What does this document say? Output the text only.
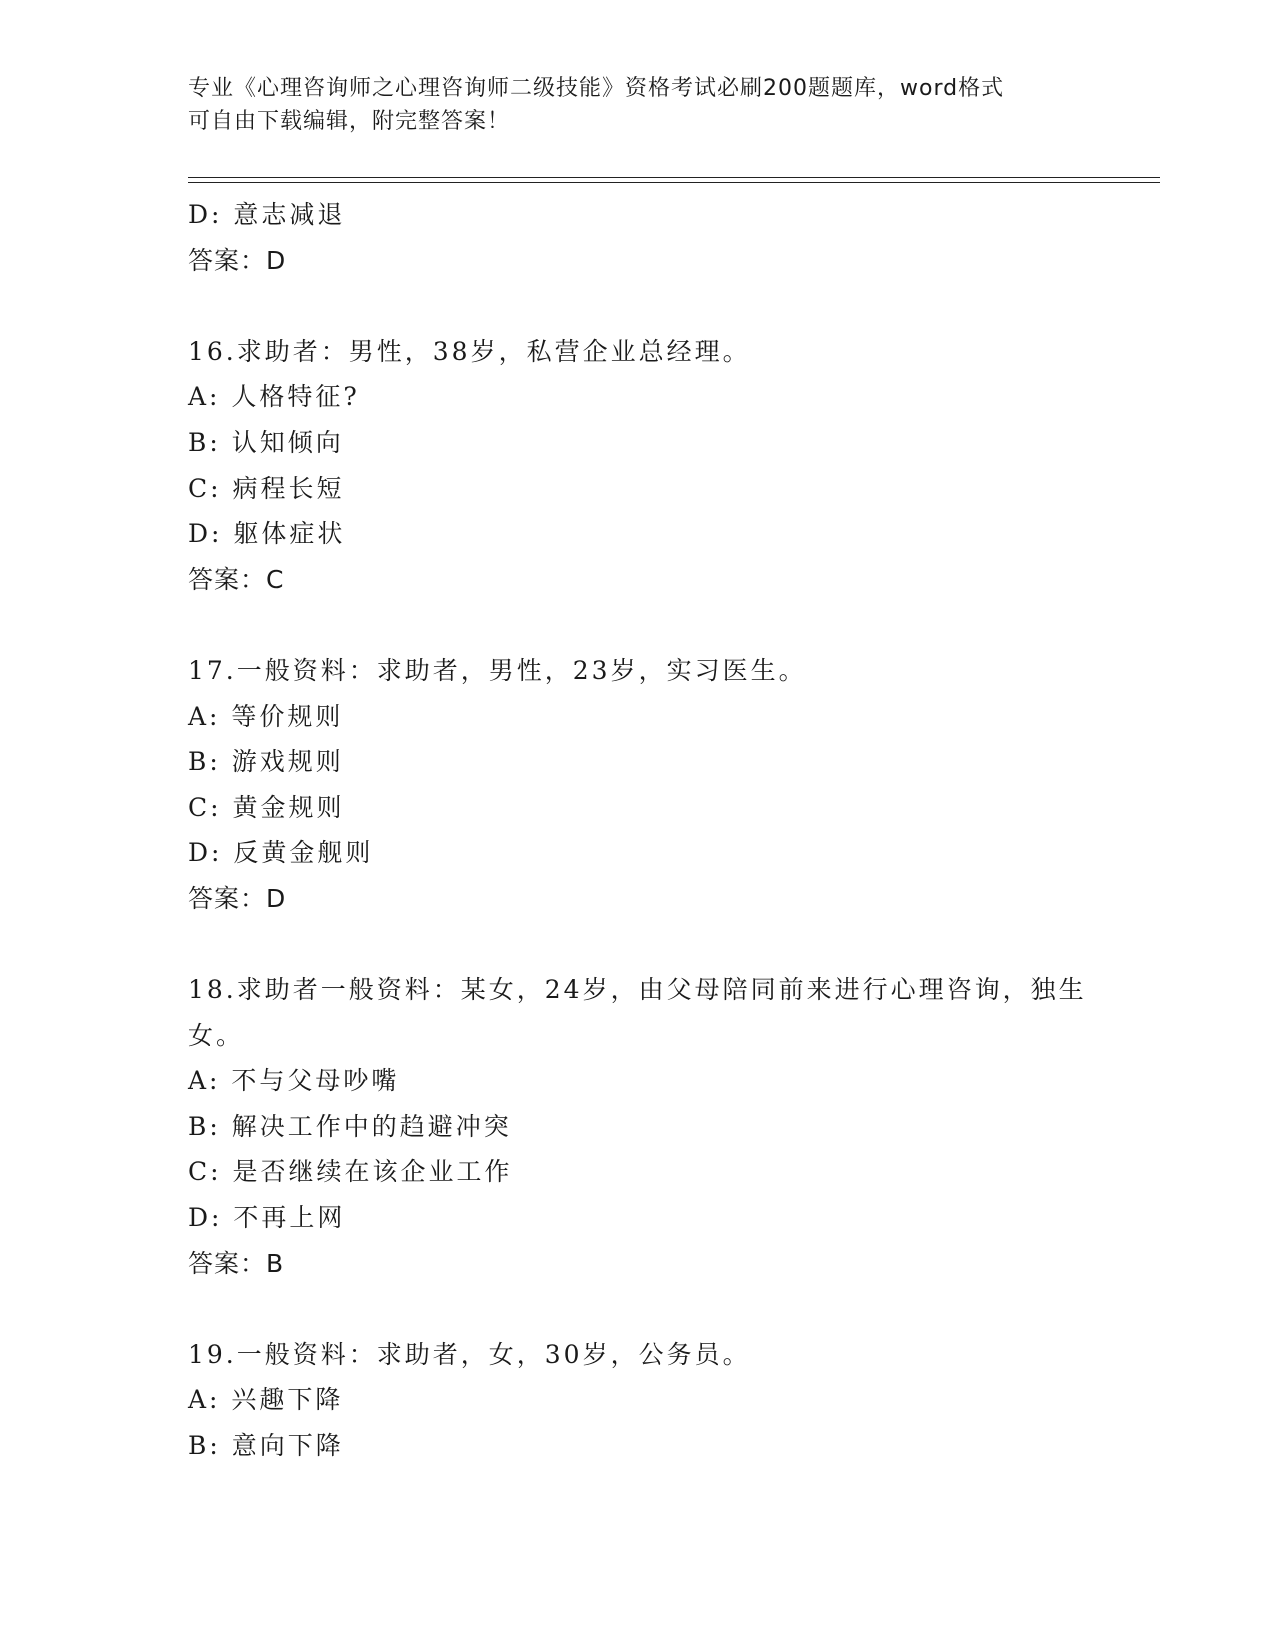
专业《心理咨询师之心理咨询师二级技能》资格考试必刷200题题库，word格式
可自由下载编辑，附完整答案！
D: 意志减退
答案：D
16.求助者：男性，38岁，私营企业总经理。
A: 人格特征?
B: 认知倾向
C: 病程长短
D: 躯体症状
答案：C
17.一般资料：求助者，男性，23岁，实习医生。
A: 等价规则
B: 游戏规则
C: 黄金规则
D: 反黄金舰则
答案：D
18.求助者一般资料：某女，24岁，由父母陪同前来进行心理咨询，独生女。
A: 不与父母吵嘴
B: 解决工作中的趋避冲突
C: 是否继续在该企业工作
D: 不再上网
答案：B
19.一般资料：求助者，女，30岁，公务员。
A: 兴趣下降
B: 意向下降
